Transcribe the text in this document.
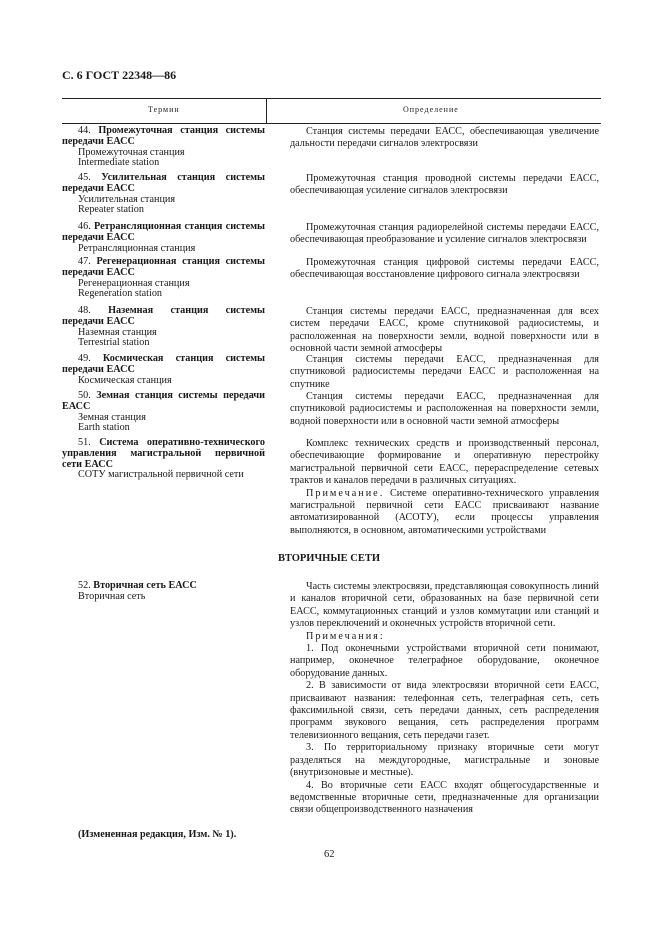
С. 6 ГОСТ 22348—86
Термин	Определение

44. Промежуточная станция системы передачи ЕАСС

Промежуточная станция

Intermediate station

Станция системы передачи ЕАСС, обеспечивающая увеличение дальности передачи сигналов электросвязи

45. Усилительная станция системы передачи ЕАСС

Усилительная станция

Repeater station

Промежуточная станция проводной системы передачи ЕАСС, обеспечивающая усиление сигналов электросвязи

46. Ретрансляционная станция системы передачи ЕАСС

Ретрансляционная станция

Промежуточная станция радиорелейной системы передачи ЕАСС, обеспечивающая преобразование и усиление сигналов электросвязи

47. Регенерационная станция системы передачи ЕАСС

Регенерационная станция

Regeneration station

Промежуточная станция цифровой системы передачи ЕАСС, обеспечивающая восстановление цифрового сигнала электросвязи

48. Наземная станция системы передачи ЕАСС

Наземная станция

Terrestrial station

Станция системы передачи ЕАСС, предназначенная для всех систем передачи ЕАСС, кроме спутниковой радиосистемы, и расположенная на поверхности земли, водной поверхности или в основной части земной атмосферы

49. Космическая станция системы передачи ЕАСС

Космическая станция

Станция системы передачи ЕАСС, предназначенная для спутниковой радиосистемы передачи ЕАСС и расположенная на спутнике

50. Земная станция системы передачи ЕАСС

Земная станция

Earth station

Станция системы передачи ЕАСС, предназначенная для спутниковой радиосистемы и расположенная на поверхности земли, водной поверхности или в основной части земной атмосферы

51. Система оперативно-технического управления магистральной первичной сети ЕАСС

СОТУ магистральной первичной сети

Комплекс технических средств и производственный персонал, обеспечивающие формирование и оперативную перестройку магистральной первичной сети ЕАСС, перераспределение сетевых трактов и каналов передачи в различных ситуациях.

Примечание. Системе оперативно-технического управления магистральной первичной сети ЕАСС присваивают название автоматизированной (АСОТУ), если процессы управления выполняются, в основном, автоматическими устройствами

ВТОРИЧНЫЕ СЕТИ

52. Вторичная сеть ЕАСС

Вторичная сеть

Часть системы электросвязи, представляющая совокупность линий и каналов вторичной сети, образованных на базе первичной сети ЕАСС, коммутационных станций и узлов коммутации или станций и узлов переключений и оконечных устройств вторичной сети.

Примечания:

1. Под оконечными устройствами вторичной сети понимают, например, оконечное телеграфное оборудование, оконечное оборудование данных.

2. В зависимости от вида электросвязи вторичной сети ЕАСС, присваивают названия: телефонная сеть, телеграфная сеть, сеть факсимильной связи, сеть передачи данных, сеть распределения программ звукового вещания, сеть распределения программ телевизионного вещания, сеть передачи газет.

3. По территориальному признаку вторичные сети могут разделяться на междугородные, магистральные и зоновые (внутризоновые и местные).

4. Во вторичные сети ЕАСС входят общегосударственные и ведомственные вторичные сети, предназначенные для организации связи общепроизводственного назначения

(Измененная редакция, Изм. № 1).
62
